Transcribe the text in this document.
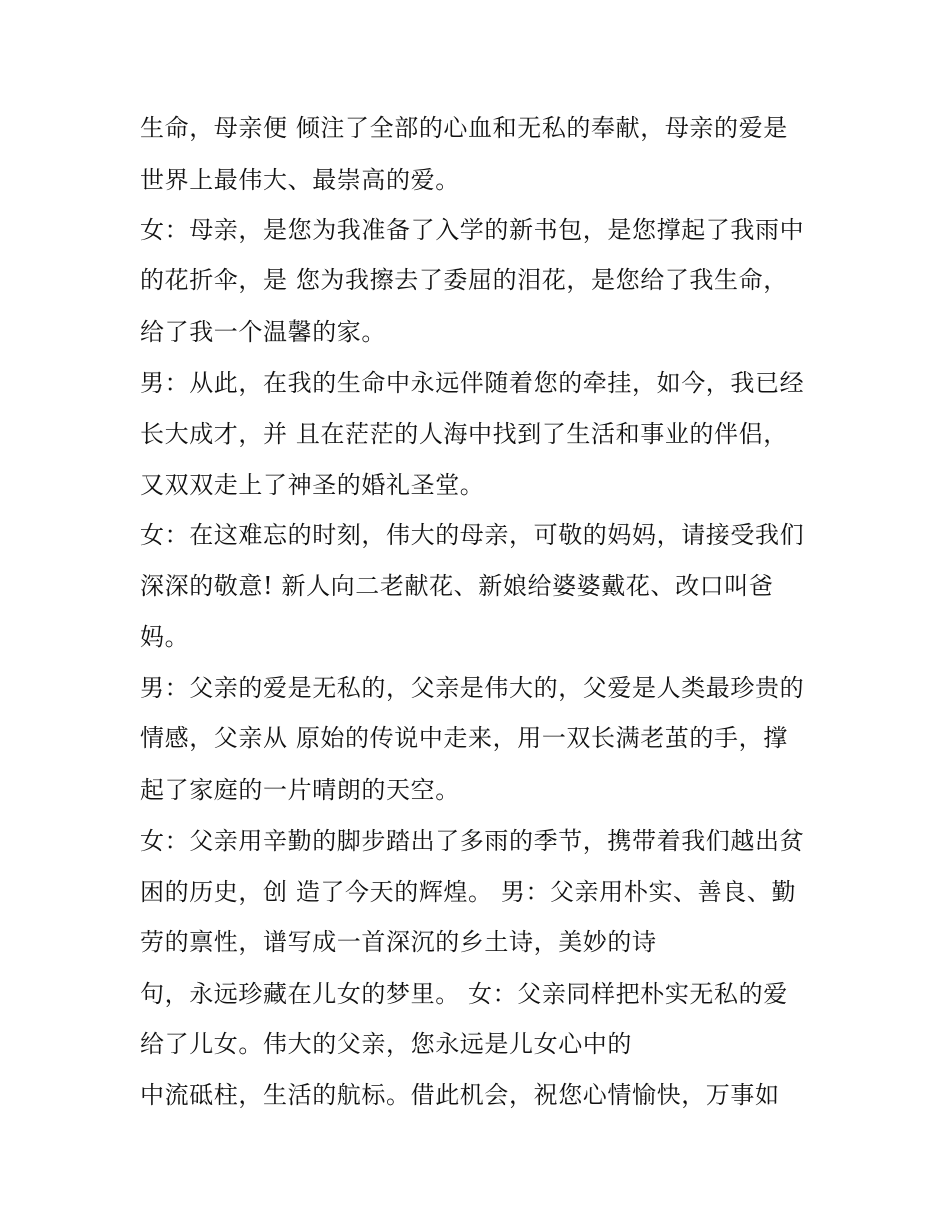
生命，母亲便 倾注了全部的心血和无私的奉献，母亲的爱是
世界上最伟大、最崇高的爱。
女：母亲，是您为我准备了入学的新书包，是您撑起了我雨中
的花折伞，是 您为我擦去了委屈的泪花，是您给了我生命，
给了我一个温馨的家。
男：从此，在我的生命中永远伴随着您的牵挂，如今，我已经
长大成才，并 且在茫茫的人海中找到了生活和事业的伴侣，
又双双走上了神圣的婚礼圣堂。
女：在这难忘的时刻，伟大的母亲，可敬的妈妈，请接受我们
深深的敬意! 新人向二老献花、新娘给婆婆戴花、改口叫爸
妈。
男：父亲的爱是无私的，父亲是伟大的，父爱是人类最珍贵的
情感，父亲从 原始的传说中走来，用一双长满老茧的手，撑
起了家庭的一片晴朗的天空。
女：父亲用辛勤的脚步踏出了多雨的季节，携带着我们越出贫
困的历史，创 造了今天的辉煌。 男：父亲用朴实、善良、勤
劳的禀性，谱写成一首深沉的乡土诗，美妙的诗
句，永远珍藏在儿女的梦里。 女：父亲同样把朴实无私的爱
给了儿女。伟大的父亲，您永远是儿女心中的
中流砥柱，生活的航标。借此机会，祝您心情愉快，万事如
